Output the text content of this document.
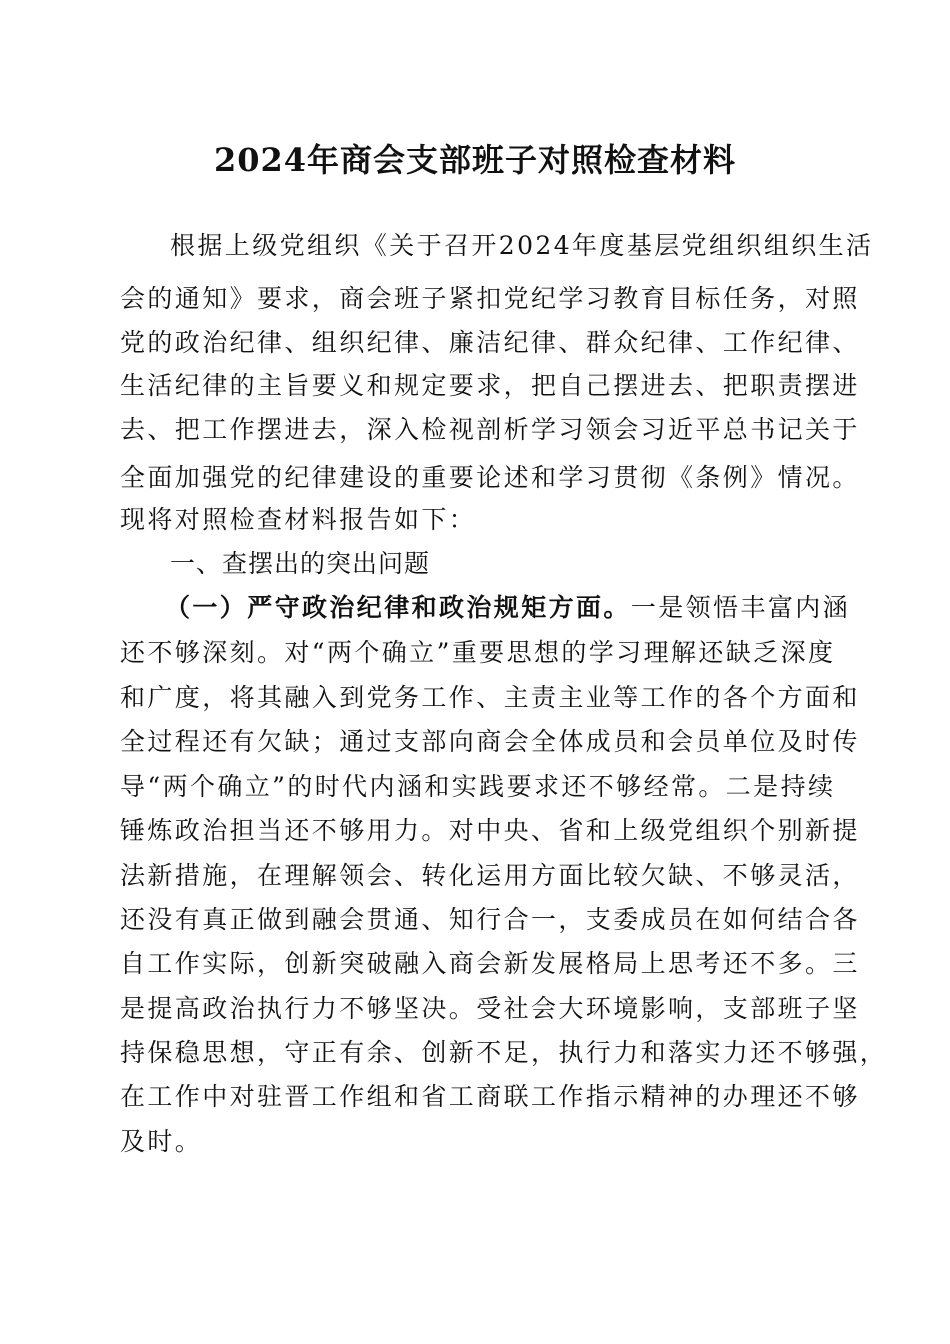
2024年商会支部班子对照检查材料
根据上级党组织《关于召开2024年度基层党组织组织生活
会的通知》要求，商会班子紧扣党纪学习教育目标任务，对照
党的政治纪律、组织纪律、廉洁纪律、群众纪律、工作纪律、
生活纪律的主旨要义和规定要求，把自己摆进去、把职责摆进
去、把工作摆进去，深入检视剖析学习领会习近平总书记关于
全面加强党的纪律建设的重要论述和学习贯彻《条例》情况。
现将对照检查材料报告如下：
一、查摆出的突出问题
（一）严守政治纪律和政治规矩方面。一是领悟丰富内涵
还不够深刻。对“两个确立”重要思想的学习理解还缺乏深度
和广度，将其融入到党务工作、主责主业等工作的各个方面和
全过程还有欠缺；通过支部向商会全体成员和会员单位及时传
导“两个确立”的时代内涵和实践要求还不够经常。二是持续
锤炼政治担当还不够用力。对中央、省和上级党组织个别新提
法新措施，在理解领会、转化运用方面比较欠缺、不够灵活，
还没有真正做到融会贯通、知行合一，支委成员在如何结合各
自工作实际，创新突破融入商会新发展格局上思考还不多。三
是提高政治执行力不够坚决。受社会大环境影响，支部班子坚
持保稳思想，守正有余、创新不足，执行力和落实力还不够强，
在工作中对驻晋工作组和省工商联工作指示精神的办理还不够
及时。
